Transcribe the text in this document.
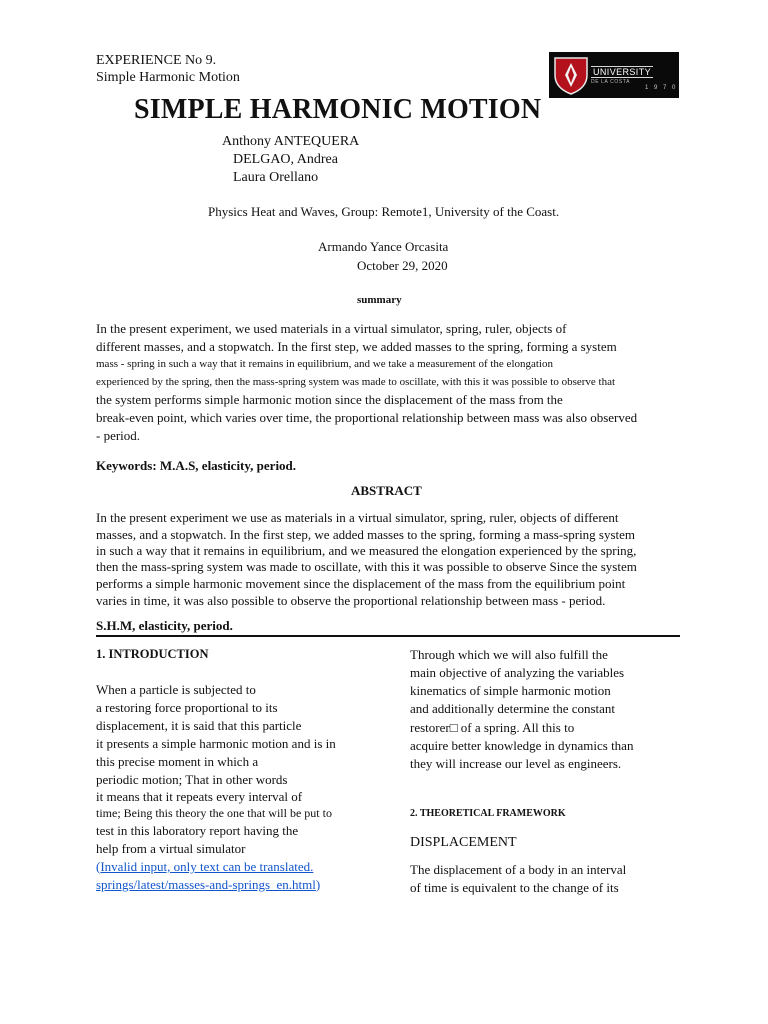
EXPERIENCE No 9.
Simple Harmonic Motion	UNIVERSITY
DE LA COSTA
1 9 7 0
SIMPLE HARMONIC MOTION
Anthony ANTEQUERA
DELGAO, Andrea
Laura Orellano
Physics Heat and Waves, Group: Remote1, University of the Coast.
Armando Yance Orcasita
October 29, 2020
summary
In the present experiment, we used materials in a virtual simulator, spring, ruler, objects of
different masses, and a stopwatch. In the first step, we added masses to the spring, forming a system
mass - spring in such a way that it remains in equilibrium, and we take a measurement of the elongation
experienced by the spring, then the mass-spring system was made to oscillate, with this it was possible to observe that
the system performs simple harmonic motion since the displacement of the mass from the
break-even point, which varies over time, the proportional relationship between mass was also observed
- period.
Keywords: M.A.S, elasticity, period.
ABSTRACT
In the present experiment we use as materials in a virtual simulator, spring, ruler, objects of different
masses, and a stopwatch. In the first step, we added masses to the spring, forming a mass-spring system
in such a way that it remains in equilibrium, and we measured the elongation experienced by the spring,
then the mass-spring system was made to oscillate, with this it was possible to observe Since the system
performs a simple harmonic movement since the displacement of the mass from the equilibrium point
varies in time, it was also possible to observe the proportional relationship between mass - period.
S.H.M, elasticity, period.
1. INTRODUCTION
When a particle is subjected to
a restoring force proportional to its
displacement, it is said that this particle
it presents a simple harmonic motion and is in
this precise moment in which a
periodic motion; That in other words
it means that it repeats every interval of
time; Being this theory the one that will be put to
test in this laboratory report having the
help from a virtual simulator
(Invalid input, only text can be translated.
springs/latest/masses-and-springs_en.html)
Through which we will also fulfill the
main objective of analyzing the variables
kinematics of simple harmonic motion
and additionally determine the constant
restorer□ of a spring. All this to
acquire better knowledge in dynamics than
they will increase our level as engineers.
2. THEORETICAL FRAMEWORK
DISPLACEMENT
The displacement of a body in an interval
of time is equivalent to the change of its
